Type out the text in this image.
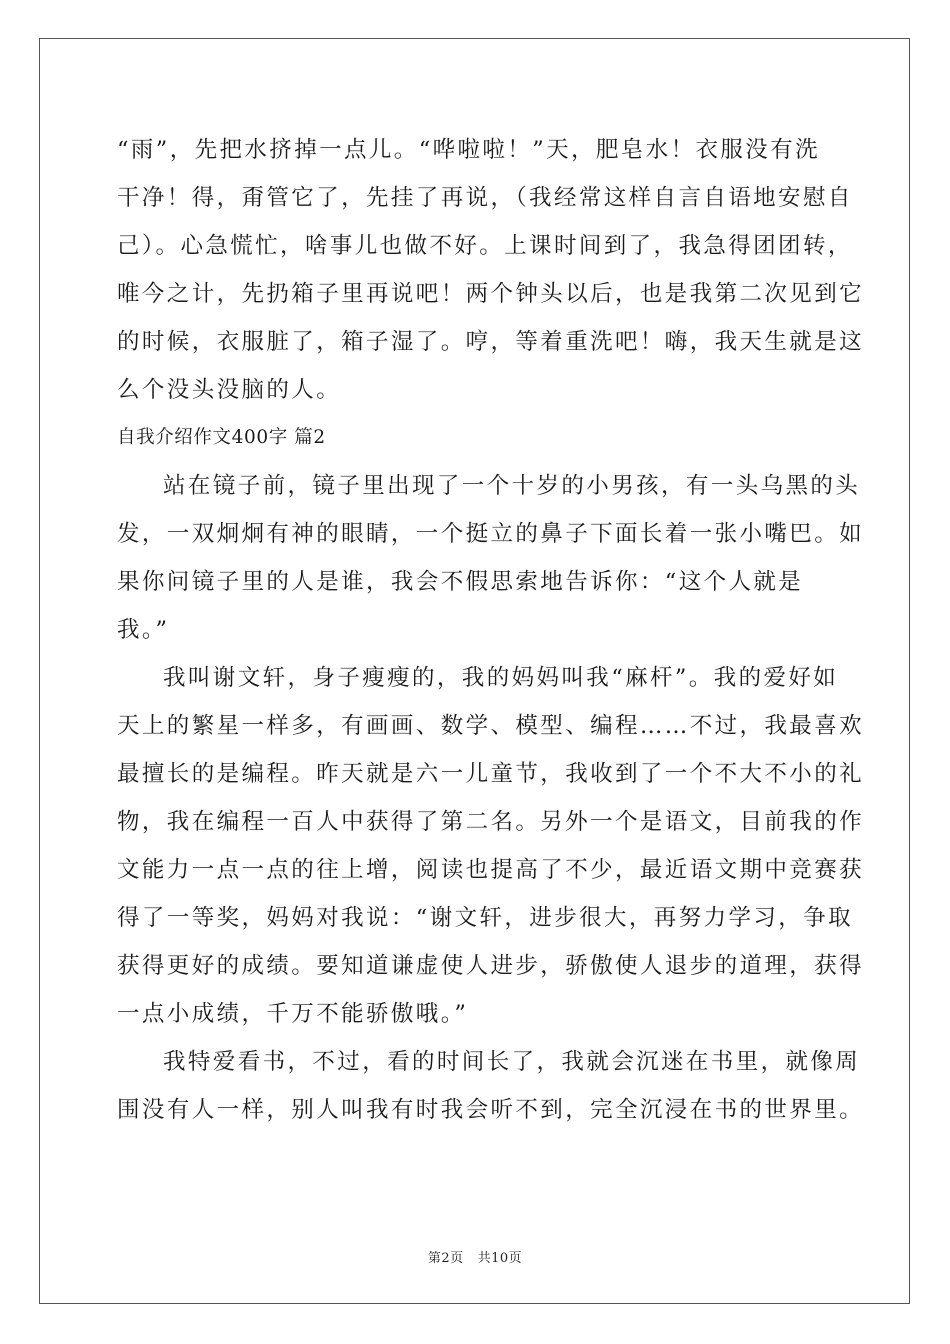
“雨”，先把水挤掉一点儿。“哗啦啦！”天，肥皂水！衣服没有洗
干净！得，甭管它了，先挂了再说，（我经常这样自言自语地安慰自
己）。心急慌忙，啥事儿也做不好。上课时间到了，我急得团团转，
唯今之计，先扔箱子里再说吧！两个钟头以后，也是我第二次见到它
的时候，衣服脏了，箱子湿了。哼，等着重洗吧！嗨，我天生就是这
么个没头没脑的人。
自我介绍作文400字 篇2
站在镜子前，镜子里出现了一个十岁的小男孩，有一头乌黑的头
发，一双炯炯有神的眼睛，一个挺立的鼻子下面长着一张小嘴巴。如
果你问镜子里的人是谁，我会不假思索地告诉你：“这个人就是
我。”
我叫谢文轩，身子瘦瘦的，我的妈妈叫我“麻杆”。我的爱好如
天上的繁星一样多，有画画、数学、模型、编程……不过，我最喜欢
最擅长的是编程。昨天就是六一儿童节，我收到了一个不大不小的礼
物，我在编程一百人中获得了第二名。另外一个是语文，目前我的作
文能力一点一点的往上增，阅读也提高了不少，最近语文期中竞赛获
得了一等奖，妈妈对我说：“谢文轩，进步很大，再努力学习，争取
获得更好的成绩。要知道谦虚使人进步，骄傲使人退步的道理，获得
一点小成绩，千万不能骄傲哦。”
我特爱看书，不过，看的时间长了，我就会沉迷在书里，就像周
围没有人一样，别人叫我有时我会听不到，完全沉浸在书的世界里。
第2页 共10页
